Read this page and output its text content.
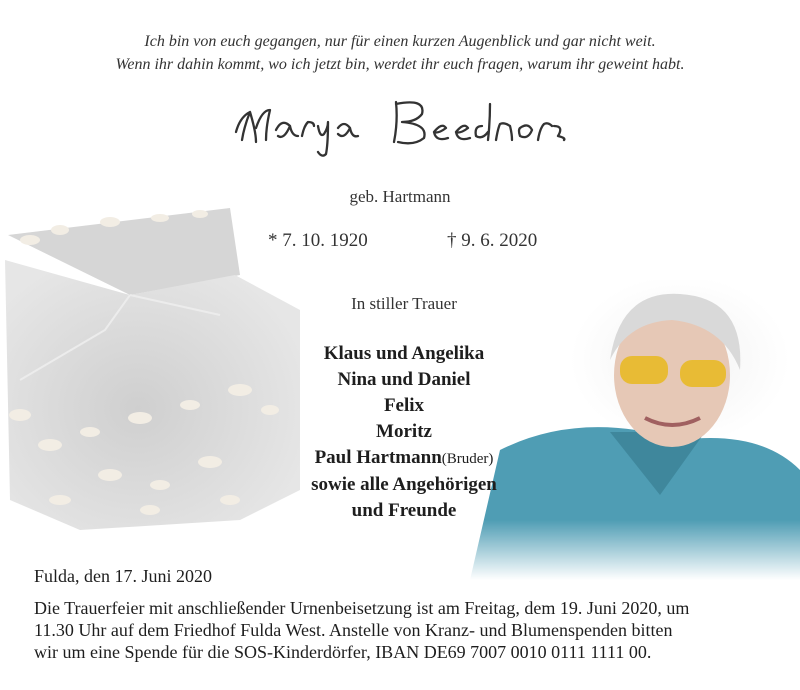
Ich bin von euch gegangen, nur für einen kurzen Augenblick und gar nicht weit.
Wenn ihr dahin kommt, wo ich jetzt bin, werdet ihr euch fragen, warum ihr geweint habt.
geb. Hartmann
* 7. 10. 1920	† 9. 6. 2020
In stiller Trauer
Klaus und Angelika
Nina und Daniel
Felix
Moritz
Paul Hartmann(Bruder)
sowie alle Angehörigen
und Freunde
Fulda, den 17. Juni 2020
Die Trauerfeier mit anschließender Urnenbeisetzung ist am Freitag, dem 19. Juni 2020, um
11.30 Uhr auf dem Friedhof Fulda West. Anstelle von Kranz- und Blumenspenden bitten
wir um eine Spende für die SOS-Kinderdörfer, IBAN DE69 7007 0010 0111 1111 00.
